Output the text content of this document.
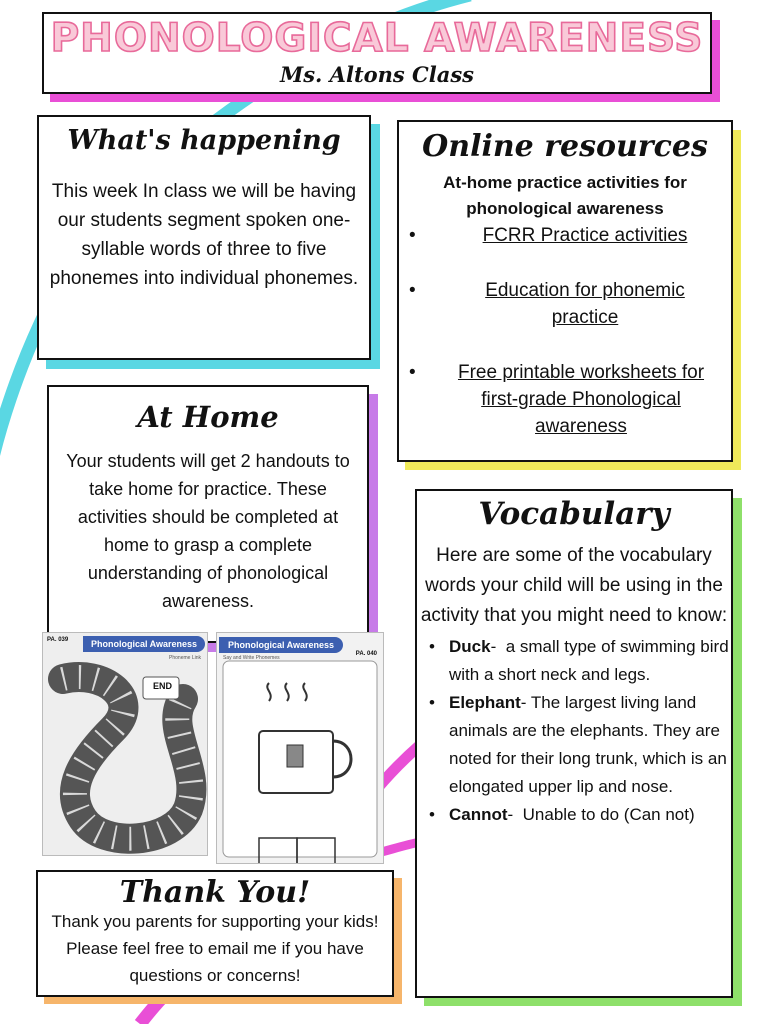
PHONOLOGICAL AWARENESS
Ms. Altons Class
What's happening
This week In class we will be having our students segment spoken one-syllable words of three to five phonemes into individual phonemes.
Online resources
At-home practice activities for phonological awareness
•	FCRR Practice activities
•	Education for phonemic practice
•	Free printable worksheets for first-grade Phonological awareness
At Home
Your students will get 2 handouts to take home for practice. These activities should be completed at home to grasp a complete understanding of phonological awareness.
Phonological Awareness
PA. 039
Phoneme Link
END
Phonological Awareness
PA. 040
Say and Write Phonemes
Vocabulary
Here are some of the vocabulary words your child will be using in the activity that you might need to know:
• Duck-  a small type of swimming bird with a short neck and legs.
• Elephant- The largest living land animals are the elephants. They are noted for their long trunk, which is an elongated upper lip and nose.
• Cannot-  Unable to do (Can not)
Thank You!
Thank you parents for supporting your kids! Please feel free to email me if you have questions or concerns!
